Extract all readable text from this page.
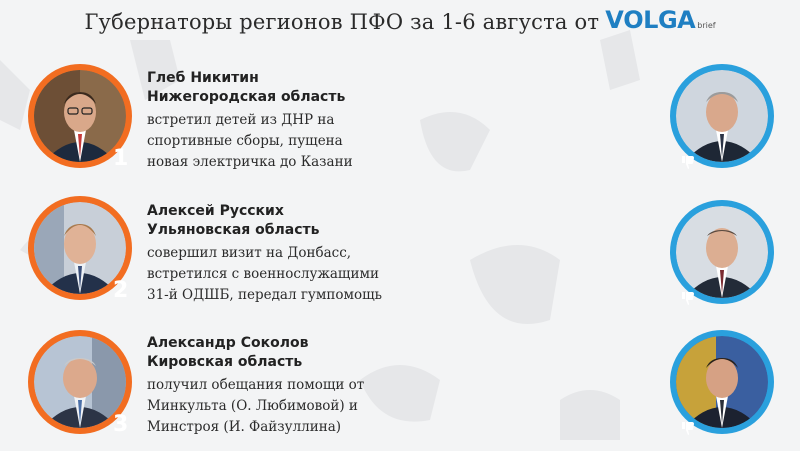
Губернаторы регионов ПФО за 1-6 августа от V OLGA brief
1
Глеб Никитин
Нижегородская область
встретил детей из ДНР на
спортивные сборы, пущена
новая электричка до Казани
2
Алексей Русских
Ульяновская область
совершил визит на Донбасс,
встретился с военнослужащими
31-й ОДШБ, передал гумпомощь
3
Александр Соколов
Кировская область
получил обещания помощи от
Минкульта (О. Любимовой) и
Минстроя (И. Файзуллина)
